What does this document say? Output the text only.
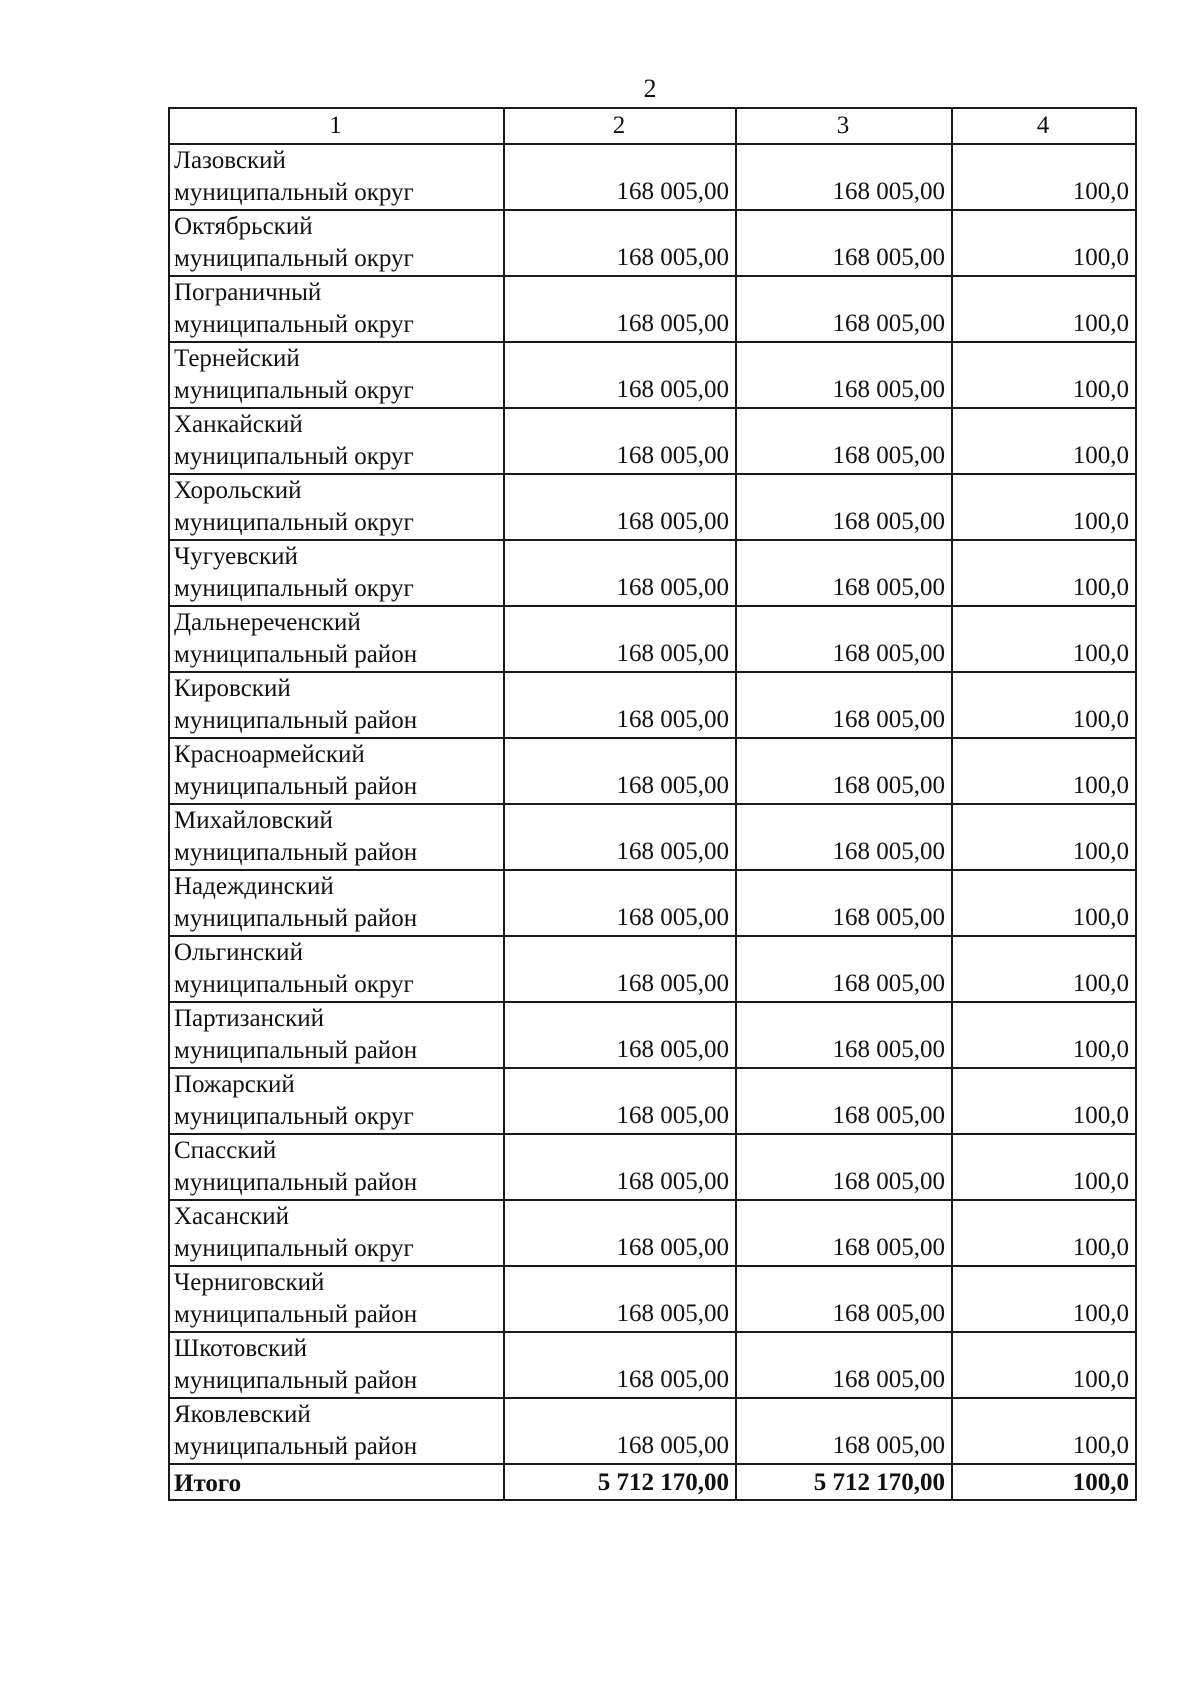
2
1	2	3	4

Лазовский
муниципальный округ	168 005,00	168 005,00	100,0

Октябрьский
муниципальный округ	168 005,00	168 005,00	100,0

Пограничный
муниципальный округ	168 005,00	168 005,00	100,0

Тернейский
муниципальный округ	168 005,00	168 005,00	100,0

Ханкайский
муниципальный округ	168 005,00	168 005,00	100,0

Хорольский
муниципальный округ	168 005,00	168 005,00	100,0

Чугуевский
муниципальный округ	168 005,00	168 005,00	100,0

Дальнереченский
муниципальный район	168 005,00	168 005,00	100,0

Кировский
муниципальный район	168 005,00	168 005,00	100,0

Красноармейский
муниципальный район	168 005,00	168 005,00	100,0

Михайловский
муниципальный район	168 005,00	168 005,00	100,0

Надеждинский
муниципальный район	168 005,00	168 005,00	100,0

Ольгинский
муниципальный округ	168 005,00	168 005,00	100,0

Партизанский
муниципальный район	168 005,00	168 005,00	100,0

Пожарский
муниципальный округ	168 005,00	168 005,00	100,0

Спасский
муниципальный район	168 005,00	168 005,00	100,0

Хасанский
муниципальный округ	168 005,00	168 005,00	100,0

Черниговский
муниципальный район	168 005,00	168 005,00	100,0

Шкотовский
муниципальный район	168 005,00	168 005,00	100,0

Яковлевский
муниципальный район	168 005,00	168 005,00	100,0
Итого	5 712 170,00	5 712 170,00	100,0
